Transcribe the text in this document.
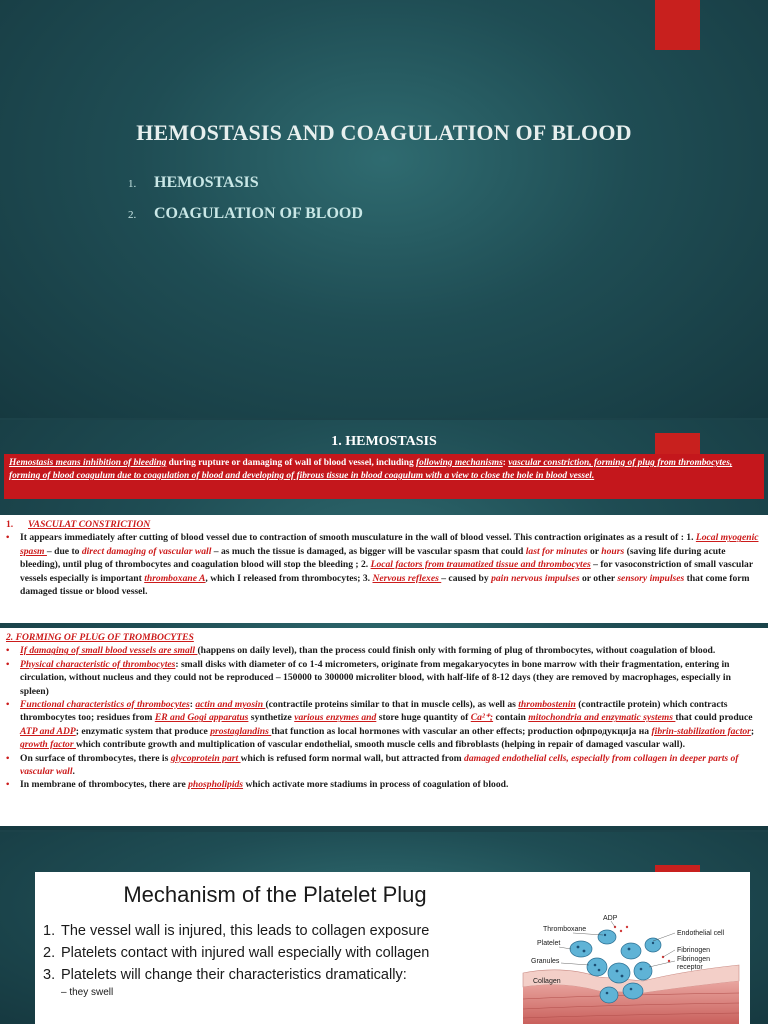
HEMOSTASIS AND COAGULATION OF BLOOD
1.	HEMOSTASIS
2.	COAGULATION OF BLOOD
1. HEMOSTASIS
Hemostasis means inhibition of bleeding during rupture or damaging of wall of blood vessel, including following mechanisms: vascular constriction, forming of plug from thrombocytes, forming of blood coagulum due to coagulation of blood and developing of fibrous tissue in blood coagulum with a view to close the hole in blood vessel.
1. VASCULAT CONSTRICTION
• It appears immediately after cutting of blood vessel due to contraction of smooth musculature in the wall of blood vessel. This contraction originates as a result of : 1. Local myogenic spasm – due to direct damaging of vascular wall – as much the tissue is damaged, as bigger will be vascular spasm that could last for minutes or hours (saving life during acute bleeding), until plug of thrombocytes and coagulation blood will stop the bleeding ; 2. Local factors from traumatized tissue and thrombocytes – for vasoconstriction of small vascular vessels especially is important thromboxane A, which I released from thrombocytes; 3. Nervous reflexes – caused by pain nervous impulses or other sensory impulses that come form damaged tissue or blood vessel.
2. FORMING OF PLUG OF TROMBOCYTES
• If damaging of small blood vessels are small (happens on daily level), than the process could finish only with forming of plug of thrombocytes, without coagulation of blood.
• Physical characteristic of thrombocytes: small disks with diameter of co 1-4 micrometers, originate from megakaryocytes in bone marrow with their fragmentation, entering in circulation, without nucleus and they could not be reproduced – 150000 to 300000 microliter blood, with half-life of 8-12 days (they are removed by macrophages, especially in spleen)
• Functional characteristics of thrombocytes: actin and myosin (contractile proteins similar to that in muscle cells), as well as thrombostenin (contractile protein) which contracts thrombocytes too; residues from ER and Gogi apparatus synthetize various enzymes and store huge quantity of Ca²⁺; contain mitochondria and enzymatic systems that could produce ATP and ADP; enzymatic system that produce prostaglandins that function as local hormones with vascular an other effects; production офпродукција на fibrin-stabilization factor; growth factor which contribute growth and multiplication of vascular endothelial, smooth muscle cells and fibroblasts (helping in repair of damaged vascular wall).
• On surface of thrombocytes, there is glycoprotein part which is refused form normal wall, but attracted from damaged endothelial cells, especially from collagen in deeper parts of vascular wall.
• In membrane of thrombocytes, there are phospholipids which activate more stadiums in process of coagulation of blood.
Mechanism of the Platelet Plug
1. The vessel wall is injured, this leads to collagen exposure
2. Platelets contact with injured wall especially with collagen
3. Platelets will change their characteristics dramatically:
– they swell
ADP
Thromboxane
Platelet
Granules
Collagen
Endothelial cell
Fibrinogen
Fibrinogen
receptor
